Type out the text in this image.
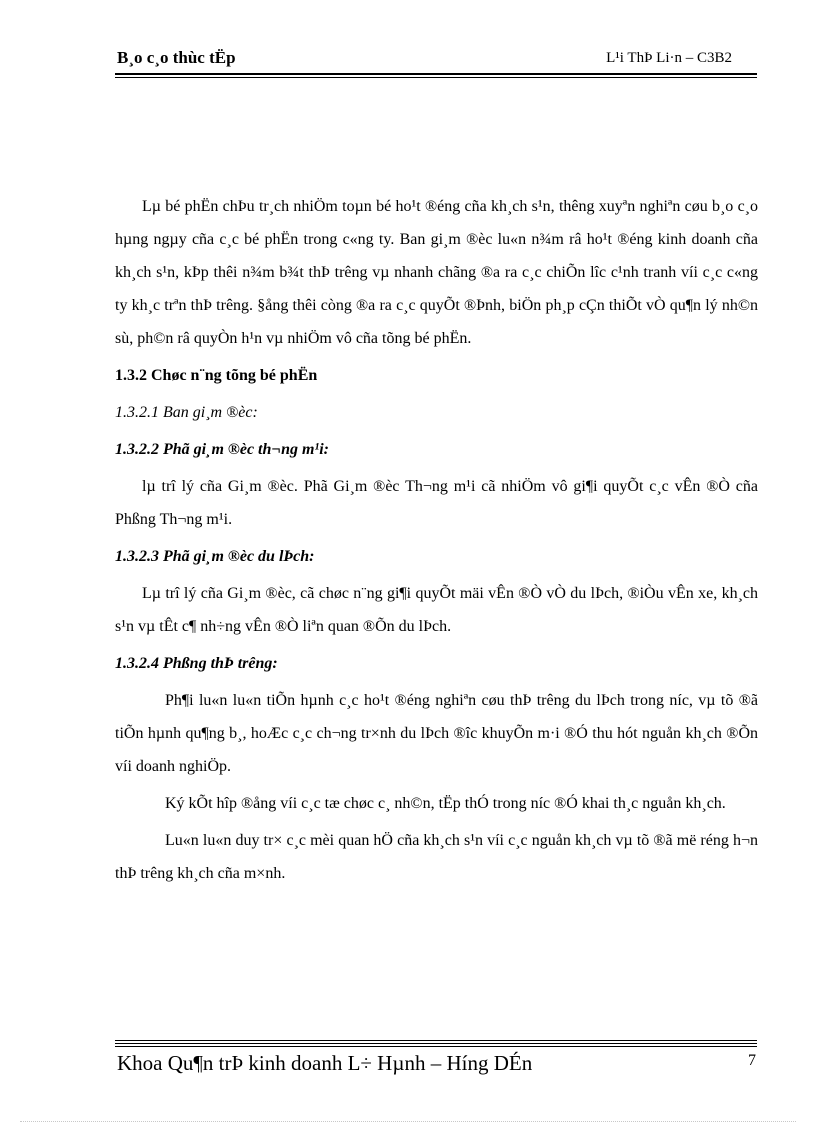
B¸o c¸o thùc tËp	L¹i ThÞ Li·n – C3B2

Lµ bé phËn chÞu tr¸ch nhiÖm toµn bé ho¹t ®éng cña kh¸ch s¹n, thêng xuyªn nghiªn cøu b¸o c¸o hµng ngµy cña c¸c bé phËn trong c«ng ty. Ban gi¸m ®èc lu«n n¾m râ ho¹t ®éng kinh doanh cña kh¸ch s¹n, kÞp thêi n¾m b¾t thÞ trêng vµ nhanh chãng ®a ra c¸c chiÕn lîc c¹nh tranh víi c¸c c«ng ty kh¸c trªn thÞ trêng. §ång thêi còng ®a ra c¸c quyÕt ®Þnh, biÖn ph¸p cÇn thiÕt vÒ qu¶n lý nh©n sù, ph©n râ quyÒn h¹n vµ nhiÖm vô cña tõng bé phËn.

1.3.2 Chøc n¨ng tõng bé phËn

1.3.2.1 Ban gi¸m ®èc:

1.3.2.2 Phã gi¸m ®èc th¬ng m¹i:

lµ trî lý cña Gi¸m ®èc. Phã Gi¸m ®èc Th¬ng m¹i cã nhiÖm vô gi¶i quyÕt c¸c vÊn ®Ò cña Phßng Th¬ng m¹i.

1.3.2.3 Phã gi¸m ®èc du lÞch:

Lµ trî lý cña Gi¸m ®èc, cã chøc n¨ng gi¶i quyÕt mäi vÊn ®Ò vÒ du lÞch, ®iÒu vÊn xe, kh¸ch s¹n vµ tÊt c¶ nh÷ng vÊn ®Ò liªn quan ®Õn du lÞch.

1.3.2.4 Phßng thÞ trêng:

Ph¶i lu«n lu«n tiÕn hµnh c¸c ho¹t ®éng nghiªn cøu thÞ trêng du lÞch trong níc, vµ tõ ®ã tiÕn hµnh qu¶ng b¸, hoÆc c¸c ch¬ng tr×nh du lÞch ®îc khuyÕn m·i ®Ó thu hót nguån kh¸ch ®Õn víi doanh nghiÖp.

Ký kÕt hîp ®ång víi c¸c tæ chøc c¸ nh©n, tËp thÓ trong níc ®Ó khai th¸c nguån kh¸ch.

Lu«n lu«n duy tr× c¸c mèi quan hÖ cña kh¸ch s¹n víi c¸c nguån kh¸ch vµ tõ ®ã më réng h¬n thÞ trêng kh¸ch cña m×nh.

Khoa Qu¶n trÞ kinh doanh L÷ Hµnh – Híng DÉn	7
